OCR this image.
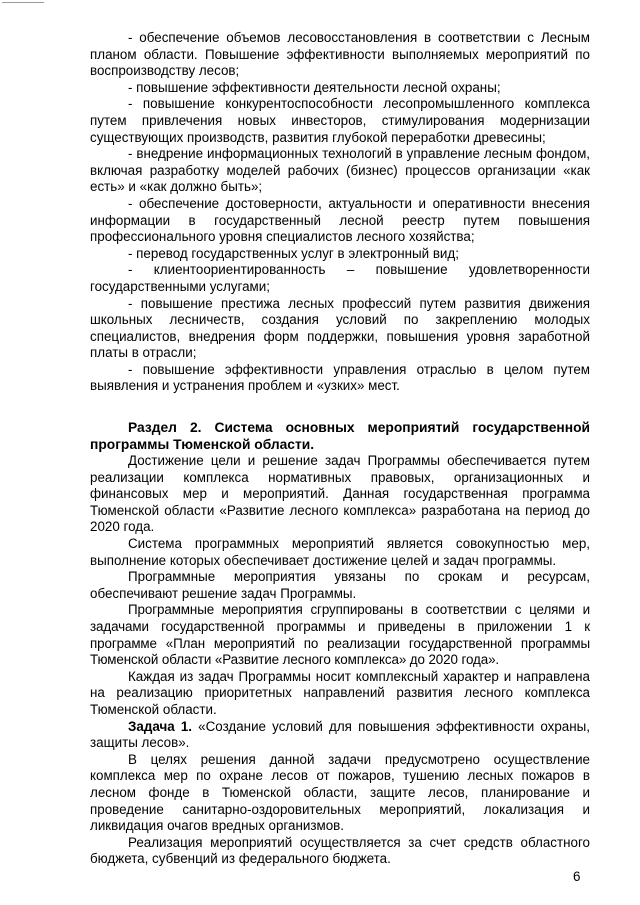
- обеспечение объемов лесовосстановления в соответствии с Лесным планом области. Повышение эффективности выполняемых мероприятий по воспроизводству лесов;

- повышение эффективности деятельности лесной охраны;

- повышение конкурентоспособности лесопромышленного комплекса путем привлечения новых инвесторов, стимулирования модернизации существующих производств, развития глубокой переработки древесины;

- внедрение информационных технологий в управление лесным фондом, включая разработку моделей рабочих (бизнес) процессов организации «как есть» и «как должно быть»;

- обеспечение достоверности, актуальности и оперативности внесения информации в государственный лесной реестр путем повышения профессионального уровня специалистов лесного хозяйства;

- перевод государственных услуг в электронный вид;

- клиентоориентированность – повышение удовлетворенности государственными услугами;

- повышение престижа лесных профессий путем развития движения школьных лесничеств, создания условий по закреплению молодых специалистов, внедрения форм поддержки, повышения уровня заработной платы в отрасли;

- повышение эффективности управления отраслью в целом путем выявления и устранения проблем и «узких» мест.

Раздел 2. Система основных мероприятий государственной программы Тюменской области.

Достижение цели и решение задач Программы обеспечивается путем реализации комплекса нормативных правовых, организационных и финансовых мер и мероприятий. Данная государственная программа Тюменской области «Развитие лесного комплекса» разработана на период до 2020 года.

Система программных мероприятий является совокупностью мер, выполнение которых обеспечивает достижение целей и задач программы.

Программные мероприятия увязаны по срокам и ресурсам, обеспечивают решение задач Программы.

Программные мероприятия сгруппированы в соответствии с целями и задачами государственной программы и приведены в приложении 1 к программе «План мероприятий по реализации государственной программы Тюменской области «Развитие лесного комплекса» до 2020 года».

Каждая из задач Программы носит комплексный характер и направлена на реализацию приоритетных направлений развития лесного комплекса Тюменской области.

Задача 1. «Создание условий для повышения эффективности охраны, защиты лесов».

В целях решения данной задачи предусмотрено осуществление комплекса мер по охране лесов от пожаров, тушению лесных пожаров в лесном фонде в Тюменской области, защите лесов, планирование и проведение санитарно-оздоровительных мероприятий, локализация и ликвидация очагов вредных организмов.

Реализация мероприятий осуществляется за счет средств областного бюджета, субвенций из федерального бюджета.

6
